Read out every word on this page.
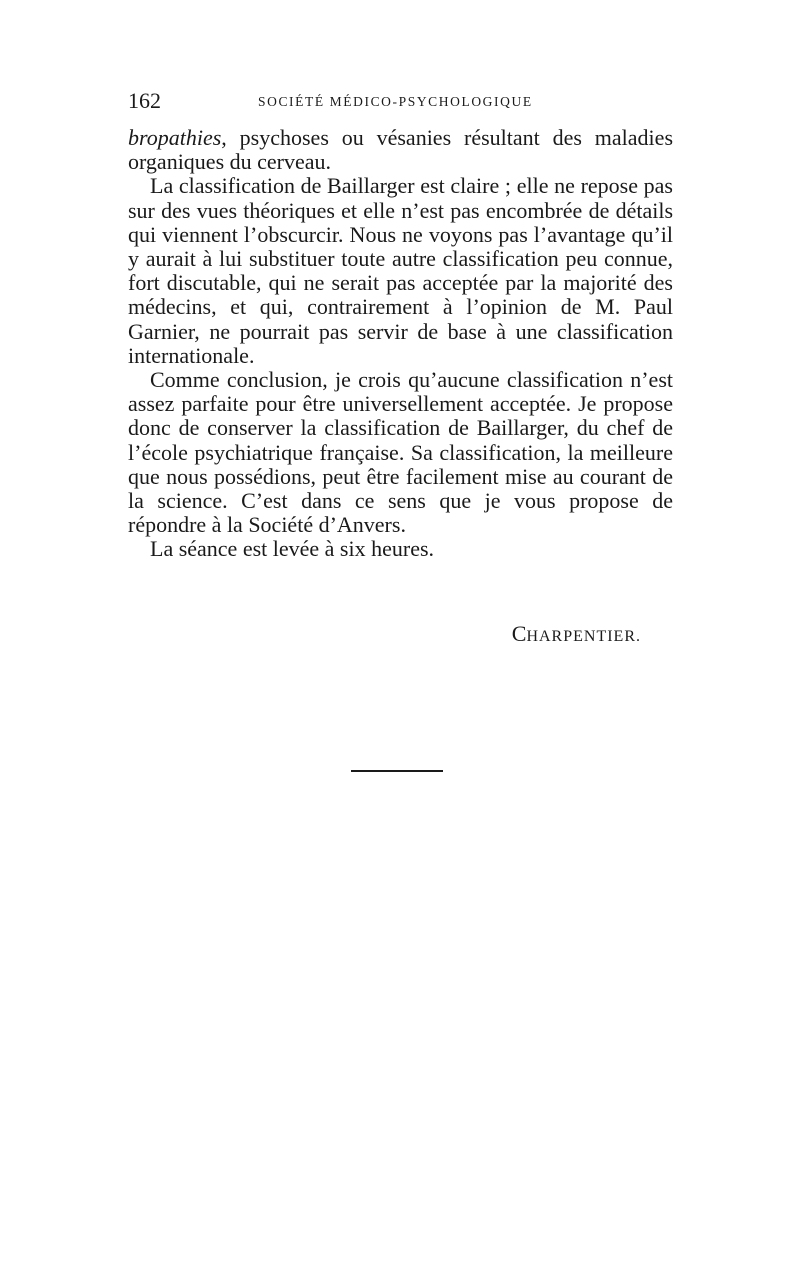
162	SOCIÉTÉ MÉDICO-PSYCHOLOGIQUE

bropathies, psychoses ou vésanies résultant des maladies organiques du cerveau.

La classification de Baillarger est claire ; elle ne repose pas sur des vues théoriques et elle n’est pas encombrée de détails qui viennent l’obscurcir. Nous ne voyons pas l’avantage qu’il y aurait à lui substituer toute autre classification peu connue, fort discutable, qui ne serait pas acceptée par la majorité des médecins, et qui, contrairement à l’opinion de M. Paul Garnier, ne pourrait pas servir de base à une classification internationale.

Comme conclusion, je crois qu’aucune classification n’est assez parfaite pour être universellement acceptée. Je propose donc de conserver la classification de Baillarger, du chef de l’école psychiatrique française. Sa classification, la meilleure que nous possédions, peut être facilement mise au courant de la science. C’est dans ce sens que je vous propose de répondre à la Société d’Anvers.

La séance est levée à six heures.

CHARPENTIER.
